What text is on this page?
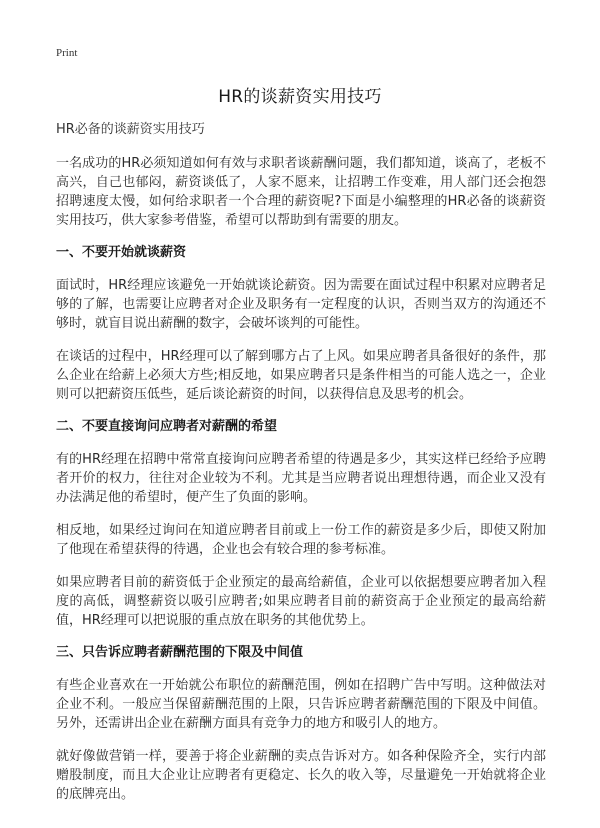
Print
HR的谈薪资实用技巧
HR必备的谈薪资实用技巧

一名成功的HR必须知道如何有效与求职者谈薪酬问题，我们都知道，谈高了，老板不高兴，自己也郁闷，薪资谈低了，人家不愿来，让招聘工作变难，用人部门还会抱怨招聘速度太慢，如何给求职者一个合理的薪资呢?下面是小编整理的HR必备的谈薪资实用技巧，供大家参考借鉴，希望可以帮助到有需要的朋友。

一、不要开始就谈薪资

面试时，HR经理应该避免一开始就谈论薪资。因为需要在面试过程中积累对应聘者足够的了解，也需要让应聘者对企业及职务有一定程度的认识，否则当双方的沟通还不够时，就盲目说出薪酬的数字，会破坏谈判的可能性。

在谈话的过程中，HR经理可以了解到哪方占了上风。如果应聘者具备很好的条件，那么企业在给薪上必须大方些;相反地，如果应聘者只是条件相当的可能人选之一，企业则可以把薪资压低些，延后谈论薪资的时间，以获得信息及思考的机会。

二、不要直接询问应聘者对薪酬的希望

有的HR经理在招聘中常常直接询问应聘者希望的待遇是多少，其实这样已经给予应聘者开价的权力，往往对企业较为不利。尤其是当应聘者说出理想待遇，而企业又没有办法满足他的希望时，便产生了负面的影响。

相反地，如果经过询问在知道应聘者目前或上一份工作的薪资是多少后，即使又附加了他现在希望获得的待遇，企业也会有较合理的参考标准。

如果应聘者目前的薪资低于企业预定的最高给薪值，企业可以依据想要应聘者加入程度的高低，调整薪资以吸引应聘者;如果应聘者目前的薪资高于企业预定的最高给薪值，HR经理可以把说服的重点放在职务的其他优势上。

三、只告诉应聘者薪酬范围的下限及中间值

有些企业喜欢在一开始就公布职位的薪酬范围，例如在招聘广告中写明。这种做法对企业不利。一般应当保留薪酬范围的上限，只告诉应聘者薪酬范围的下限及中间值。另外，还需讲出企业在薪酬方面具有竞争力的地方和吸引人的地方。

就好像做营销一样，要善于将企业薪酬的卖点告诉对方。如各种保险齐全，实行内部赠股制度，而且大企业让应聘者有更稳定、长久的收入等，尽量避免一开始就将企业的底牌亮出。
